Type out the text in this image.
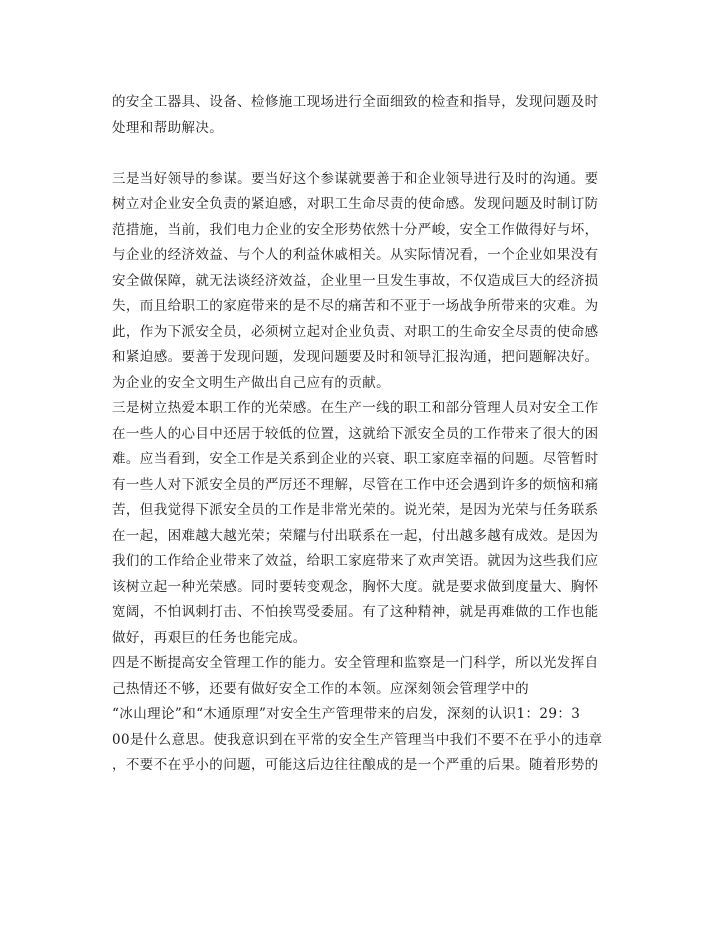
的安全工器具、设备、检修施工现场进行全面细致的检查和指导，发现问题及时
处理和帮助解决。
三是当好领导的参谋。要当好这个参谋就要善于和企业领导进行及时的沟通。要
树立对企业安全负责的紧迫感，对职工生命尽责的使命感。发现问题及时制订防
范措施，当前，我们电力企业的安全形势依然十分严峻，安全工作做得好与坏，
与企业的经济效益、与个人的利益休戚相关。从实际情况看，一个企业如果没有
安全做保障，就无法谈经济效益，企业里一旦发生事故，不仅造成巨大的经济损
失，而且给职工的家庭带来的是不尽的痛苦和不亚于一场战争所带来的灾难。为
此，作为下派安全员，必须树立起对企业负责、对职工的生命安全尽责的使命感
和紧迫感。要善于发现问题，发现问题要及时和领导汇报沟通，把问题解决好。
为企业的安全文明生产做出自己应有的贡献。
三是树立热爱本职工作的光荣感。在生产一线的职工和部分管理人员对安全工作
在一些人的心目中还居于较低的位置，这就给下派安全员的工作带来了很大的困
难。应当看到，安全工作是关系到企业的兴衰、职工家庭幸福的问题。尽管暂时
有一些人对下派安全员的严厉还不理解，尽管在工作中还会遇到许多的烦恼和痛
苦，但我觉得下派安全员的工作是非常光荣的。说光荣，是因为光荣与任务联系
在一起，困难越大越光荣；荣耀与付出联系在一起，付出越多越有成效。是因为
我们的工作给企业带来了效益，给职工家庭带来了欢声笑语。就因为这些我们应
该树立起一种光荣感。同时要转变观念，胸怀大度。就是要求做到度量大、胸怀
宽阔，不怕讽刺打击、不怕挨骂受委屈。有了这种精神，就是再难做的工作也能
做好，再艰巨的任务也能完成。
四是不断提高安全管理工作的能力。安全管理和监察是一门科学，所以光发挥自
己热情还不够，还要有做好安全工作的本领。应深刻领会管理学中的
“冰山理论”和“木通原理”对安全生产管理带来的启发，深刻的认识1：29：3
00是什么意思。使我意识到在平常的安全生产管理当中我们不要不在乎小的违章
，不要不在乎小的问题，可能这后边往往酿成的是一个严重的后果。随着形势的
